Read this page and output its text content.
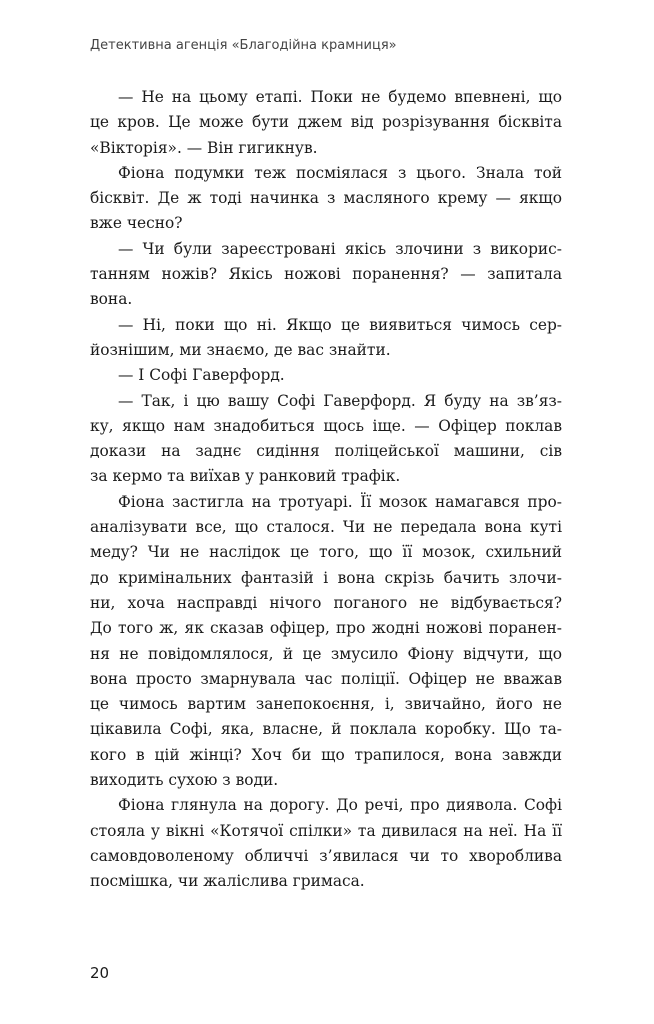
Детективна агенція «Благодійна крамниця»
— Не на цьому етапі. Поки не будемо впевнені, що
це кров. Це може бути джем від розрізування бісквіта
«Вікторія». — Він гигикнув.
Фіона подумки теж посміялася з цього. Знала той
бісквіт. Де ж тоді начинка з масляного крему — якщо
вже чесно?
— Чи були зареєстровані якісь злочини з викорис-
танням ножів? Якісь ножові поранення? — запитала
вона.
— Ні, поки що ні. Якщо це виявиться чимось сер-
йознішим, ми знаємо, де вас знайти.
— І Софі Гаверфорд.
— Так, і цю вашу Софі Гаверфорд. Я буду на зв’яз-
ку, якщо нам знадобиться щось іще. — Офіцер поклав
докази на заднє сидіння поліцейської машини, сів
за кермо та виїхав у ранковий трафік.
Фіона застигла на тротуарі. Її мозок намагався про-
аналізувати все, що сталося. Чи не передала вона куті
меду? Чи не наслідок це того, що її мозок, схильний
до кримінальних фантазій і вона скрізь бачить злочи-
ни, хоча насправді нічого поганого не відбувається?
До того ж, як сказав офіцер, про жодні ножові поранен-
ня не повідомлялося, й це змусило Фіону відчути, що
вона просто змарнувала час поліції. Офіцер не вважав
це чимось вартим занепокоєння, і, звичайно, його не
цікавила Софі, яка, власне, й поклала коробку. Що та-
кого в цій жінці? Хоч би що трапилося, вона завжди
виходить сухою з води.
Фіона глянула на дорогу. До речі, про диявола. Софі
стояла у вікні «Котячої спілки» та дивилася на неї. На її
самовдоволеному обличчі з’явилася чи то хвороблива
посмішка, чи жаліслива гримаса.
20
